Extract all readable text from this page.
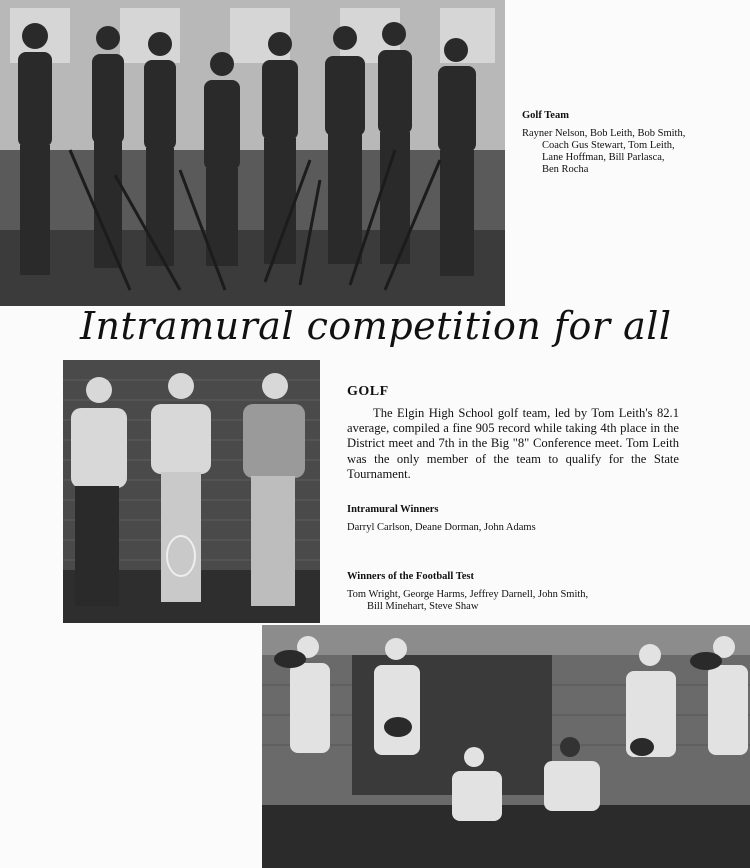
Golf Team
Rayner Nelson, Bob Leith, Bob Smith,
Coach Gus Stewart, Tom Leith,
Lane Hoffman, Bill Parlasca,
Ben Rocha
Intramural competition for all
GOLF

The Elgin High School golf team, led by Tom Leith's 82.1 average, compiled a fine 905 record while taking 4th place in the District meet and 7th in the Big "8" Conference meet. Tom Leith was the only member of the team to qualify for the State Tournament.

Intramural Winners
Darryl Carlson, Deane Dorman, John Adams
Winners of the Football Test
Tom Wright, George Harms, Jeffrey Darnell, John Smith,
Bill Minehart, Steve Shaw
